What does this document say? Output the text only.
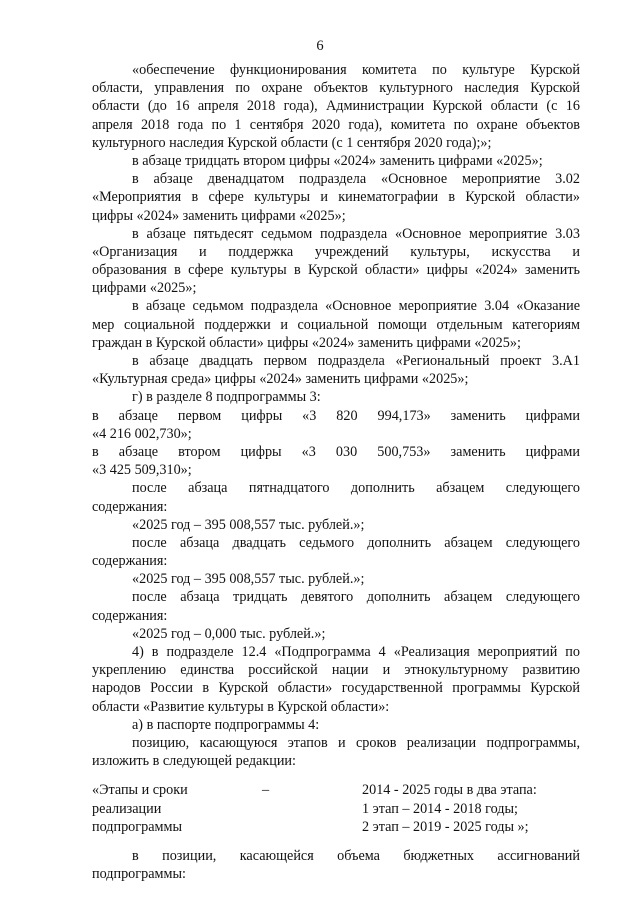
6
«обеспечение функционирования комитета по культуре Курской
области, управления по охране объектов культурного наследия Курской
области (до 16 апреля 2018 года), Администрации Курской области (с 16
апреля 2018 года по 1 сентября 2020 года), комитета по охране объектов
культурного наследия Курской области (с 1 сентября 2020 года);»;
в абзаце тридцать втором цифры «2024» заменить цифрами «2025»;
в абзаце двенадцатом подраздела «Основное мероприятие 3.02
«Мероприятия в сфере культуры и кинематографии в Курской области»
цифры «2024» заменить цифрами «2025»;
в абзаце пятьдесят седьмом подраздела «Основное мероприятие 3.03
«Организация и поддержка учреждений культуры, искусства и
образования в сфере культуры в Курской области» цифры «2024» заменить
цифрами «2025»;
в абзаце седьмом подраздела «Основное мероприятие 3.04 «Оказание
мер социальной поддержки и социальной помощи отдельным категориям
граждан в Курской области» цифры «2024» заменить цифрами «2025»;
в абзаце двадцать первом подраздела «Региональный проект 3.А1
«Культурная среда» цифры «2024» заменить цифрами «2025»;
г) в разделе 8 подпрограммы 3:
в абзаце первом цифры «3 820 994,173» заменить цифрами
«4 216 002,730»;
в абзаце втором цифры «3 030 500,753» заменить цифрами
«3 425 509,310»;
после абзаца пятнадцатого дополнить абзацем следующего
содержания:
«2025 год – 395 008,557 тыс. рублей.»;
после абзаца двадцать седьмого дополнить абзацем следующего
содержания:
«2025 год – 395 008,557 тыс. рублей.»;
после абзаца тридцать девятого дополнить абзацем следующего
содержания:
«2025 год – 0,000 тыс. рублей.»;
4) в подразделе 12.4 «Подпрограмма 4 «Реализация мероприятий по
укреплению единства российской нации и этнокультурному развитию
народов России в Курской области» государственной программы Курской
области «Развитие культуры в Курской области»:
а) в паспорте подпрограммы 4:
позицию, касающуюся этапов и сроков реализации подпрограммы,
изложить в следующей редакции:
«Этапы и сроки	–	2014 - 2025 годы в два этапа:
реализации	1 этап – 2014 - 2018 годы;
подпрограммы	2 этап – 2019 - 2025 годы »;
в позиции, касающейся объема бюджетных ассигнований
подпрограммы:
